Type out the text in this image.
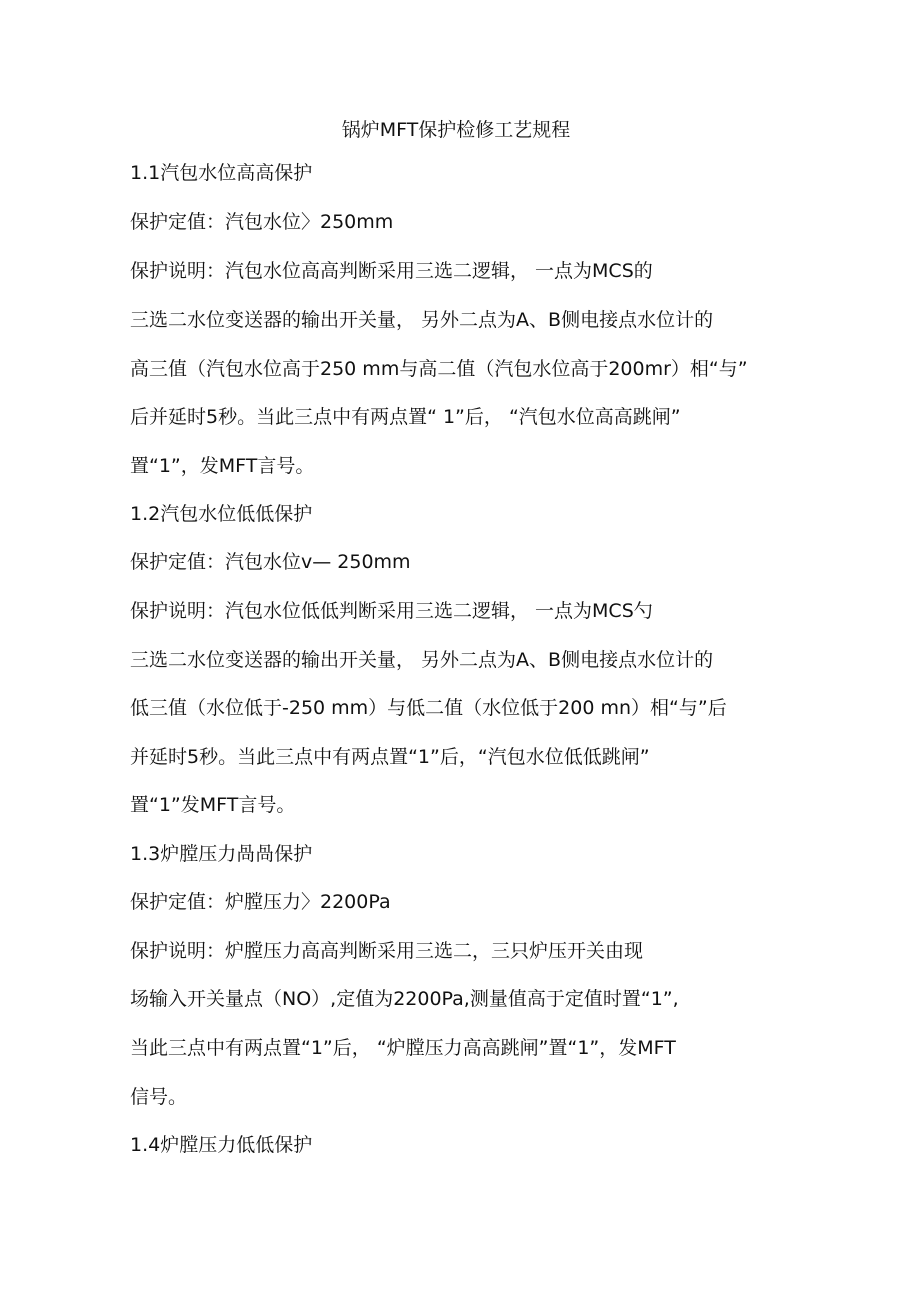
锅炉MFT保护检修工艺规程
1.1汽包水位高高保护
保护定值：汽包水位〉250mm
保护说明：汽包水位高高判断采用三选二逻辑， 一点为MCS的
三选二水位变送器的输出开关量， 另外二点为A、B侧电接点水位计的
高三值（汽包水位高于250 mm与高二值（汽包水位高于200mr）相“与”
后并延时5秒。当此三点中有两点置“ 1”后， “汽包水位高高跳闸”
置“1”，发MFT言号。
1.2汽包水位低低保护
保护定值：汽包水位v— 250mm
保护说明：汽包水位低低判断采用三选二逻辑， 一点为MCS勺
三选二水位变送器的输出开关量， 另外二点为A、B侧电接点水位计的
低三值（水位低于-250 mm）与低二值（水位低于200 mn）相“与”后
并延时5秒。当此三点中有两点置“1”后，“汽包水位低低跳闸”
置“1”发MFT言号。
1.3炉膛压力咼咼保护
保护定值：炉膛压力〉2200Pa
保护说明：炉膛压力高高判断采用三选二，三只炉压开关由现
场输入开关量点（NO）,定值为2200Pa,测量值高于定值时置“1”,
当此三点中有两点置“1”后， “炉膛压力高高跳闸”置“1”，发MFT
信号。
1.4炉膛压力低低保护
